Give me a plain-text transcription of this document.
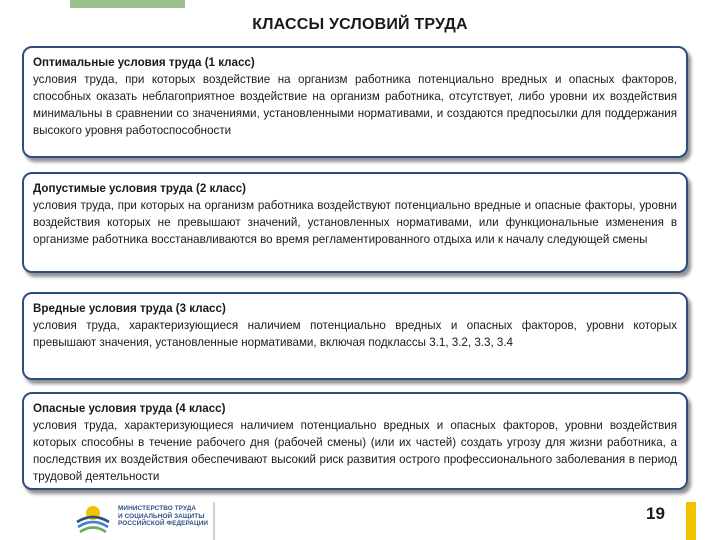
КЛАССЫ УСЛОВИЙ ТРУДА
Оптимальные условия труда (1 класс)
условия труда, при которых воздействие на организм работника потенциально вредных и опасных факторов, способных оказать неблагоприятное воздействие на организм работника, отсутствует, либо уровни их воздействия минимальны в сравнении со значениями, установленными нормативами, и создаются предпосылки для поддержания высокого уровня работоспособности
Допустимые условия труда (2 класс)
условия труда, при которых на организм работника воздействуют потенциально вредные и опасные факторы, уровни воздействия которых не превышают значений, установленных нормативами, или функциональные изменения в организме работника восстанавливаются во время регламентированного отдыха или к началу следующей смены
Вредные условия труда (3 класс)
условия труда, характеризующиеся наличием потенциально вредных и опасных факторов, уровни которых превышают значения, установленные нормативами, включая подклассы 3.1, 3.2, 3.3, 3.4
Опасные условия труда (4 класс)
условия труда, характеризующиеся наличием потенциально вредных и опасных факторов, уровни воздействия которых способны в течение рабочего дня (рабочей смены) (или их частей) создать угрозу для жизни работника, а последствия их воздействия обеспечивают высокий риск развития острого профессионального заболевания в период трудовой деятельности
МИНИСТЕРСТВО ТРУДА
И СОЦИАЛЬНОЙ ЗАЩИТЫ
РОССИЙСКОЙ ФЕДЕРАЦИИ
19
